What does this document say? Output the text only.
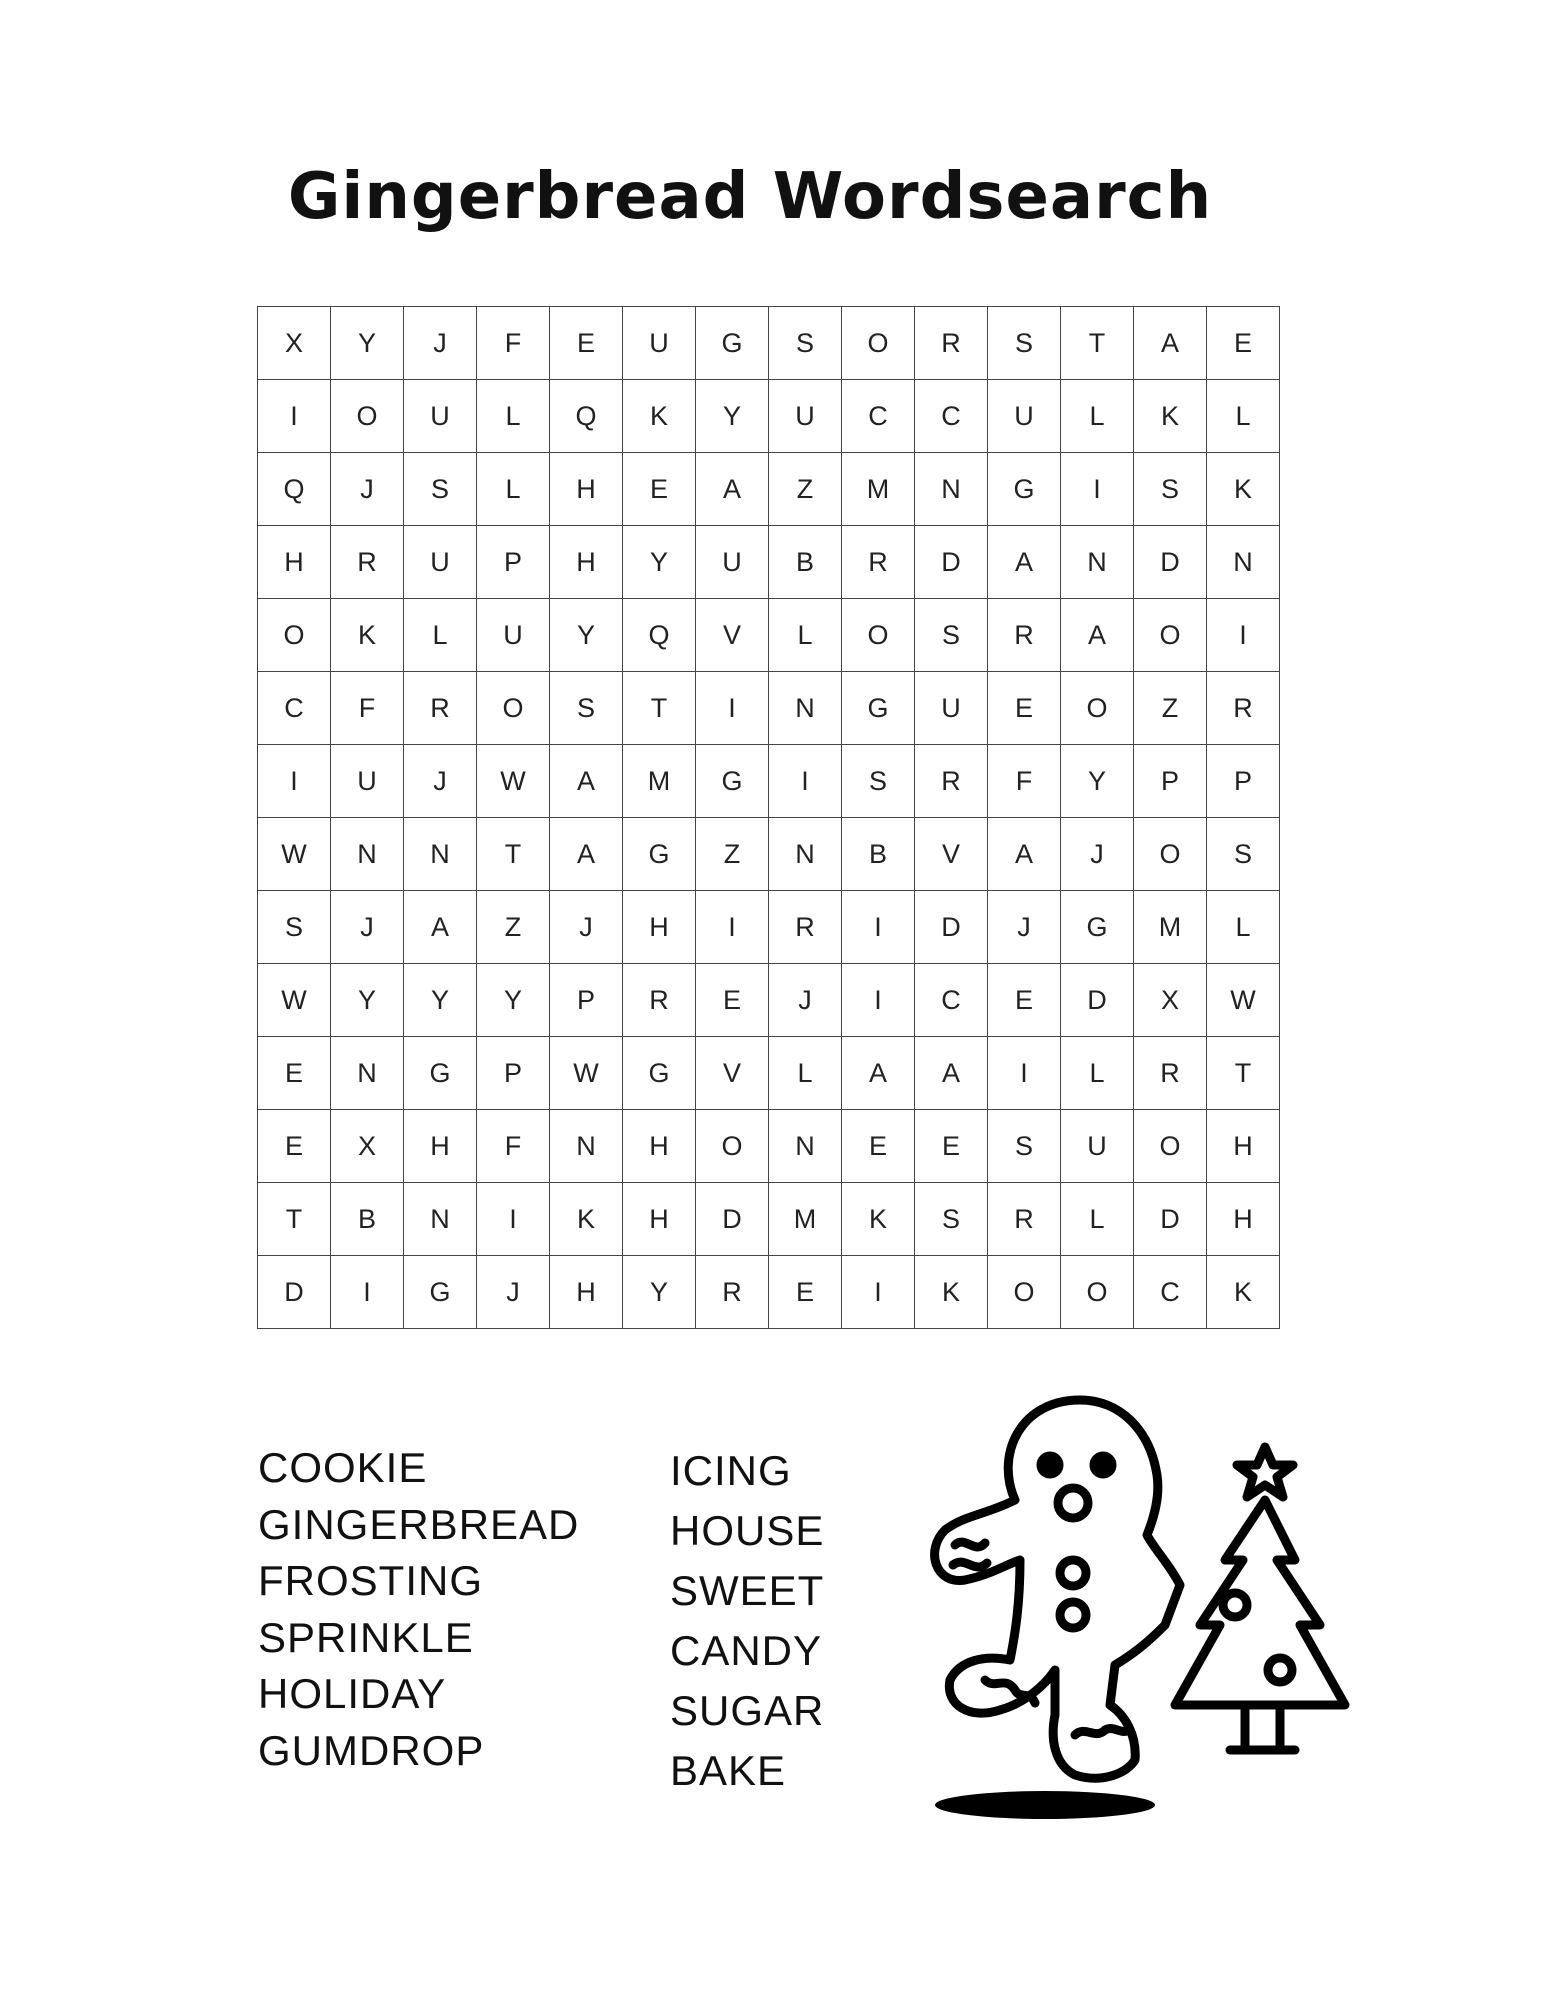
Gingerbread Wordsearch
X	Y	J	F	E	U	G	S	O	R	S	T	A	E
I	O	U	L	Q	K	Y	U	C	C	U	L	K	L
Q	J	S	L	H	E	A	Z	M	N	G	I	S	K
H	R	U	P	H	Y	U	B	R	D	A	N	D	N
O	K	L	U	Y	Q	V	L	O	S	R	A	O	I
C	F	R	O	S	T	I	N	G	U	E	O	Z	R
I	U	J	W	A	M	G	I	S	R	F	Y	P	P
W	N	N	T	A	G	Z	N	B	V	A	J	O	S
S	J	A	Z	J	H	I	R	I	D	J	G	M	L
W	Y	Y	Y	P	R	E	J	I	C	E	D	X	W
E	N	G	P	W	G	V	L	A	A	I	L	R	T
E	X	H	F	N	H	O	N	E	E	S	U	O	H
T	B	N	I	K	H	D	M	K	S	R	L	D	H
D	I	G	J	H	Y	R	E	I	K	O	O	C	K
COOKIE
GINGERBREAD
FROSTING
SPRINKLE
HOLIDAY
GUMDROP
ICING
HOUSE
SWEET
CANDY
SUGAR
BAKE
